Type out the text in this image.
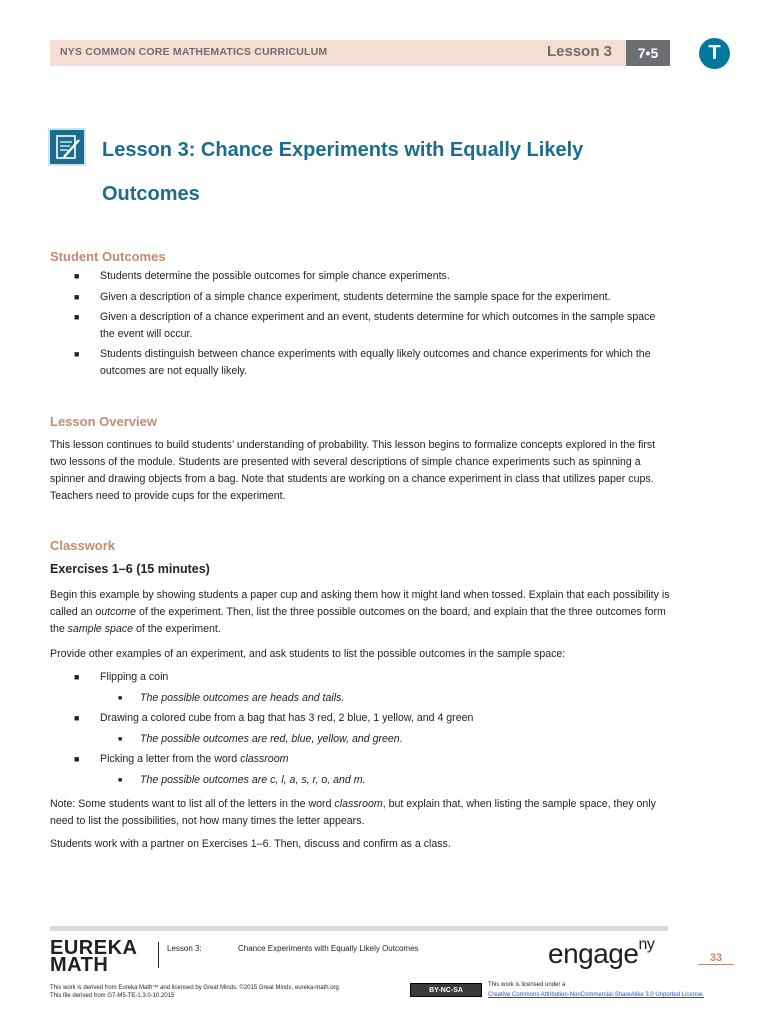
NYS COMMON CORE MATHEMATICS CURRICULUM	Lesson 3	7•5	T
Lesson 3: Chance Experiments with Equally Likely
Outcomes
Student Outcomes
■ Students determine the possible outcomes for simple chance experiments.
■ Given a description of a simple chance experiment, students determine the sample space for the experiment.
■ Given a description of a chance experiment and an event, students determine for which outcomes in the sample space the event will occur.
■ Students distinguish between chance experiments with equally likely outcomes and chance experiments for which the outcomes are not equally likely.
Lesson Overview
This lesson continues to build students’ understanding of probability. This lesson begins to formalize concepts explored in the first two lessons of the module. Students are presented with several descriptions of simple chance experiments such as spinning a spinner and drawing objects from a bag. Note that students are working on a chance experiment in class that utilizes paper cups. Teachers need to provide cups for the experiment.
Classwork
Exercises 1–6 (15 minutes)
Begin this example by showing students a paper cup and asking them how it might land when tossed. Explain that each possibility is called an outcome of the experiment. Then, list the three possible outcomes on the board, and explain that the three outcomes form the sample space of the experiment.
Provide other examples of an experiment, and ask students to list the possible outcomes in the sample space:
■ Flipping a coin
■	The possible outcomes are heads and tails.
■ Drawing a colored cube from a bag that has 3 red, 2 blue, 1 yellow, and 4 green
■	The possible outcomes are red, blue, yellow, and green.
■ Picking a letter from the word classroom
■	The possible outcomes are c, l, a, s, r, o, and m.
Note: Some students want to list all of the letters in the word classroom, but explain that, when listing the sample space, they only need to list the possibilities, not how many times the letter appears.
Students work with a partner on Exercises 1–6. Then, discuss and confirm as a class.
EUREKA
MATH
Lesson 3:	Chance Experiments with Equally Likely Outcomes	engage$^{ny}$
33
This work is derived from Eureka Math™ and licensed by Great Minds. ©2015 Great Minds. eureka-math.org
This file derived from G7-M5-TE-1.3.0-10.2015
BY-NC-SA
This work is licensed under a
Creative Commons Attribution-NonCommercial-ShareAlike 3.0 Unported License.
